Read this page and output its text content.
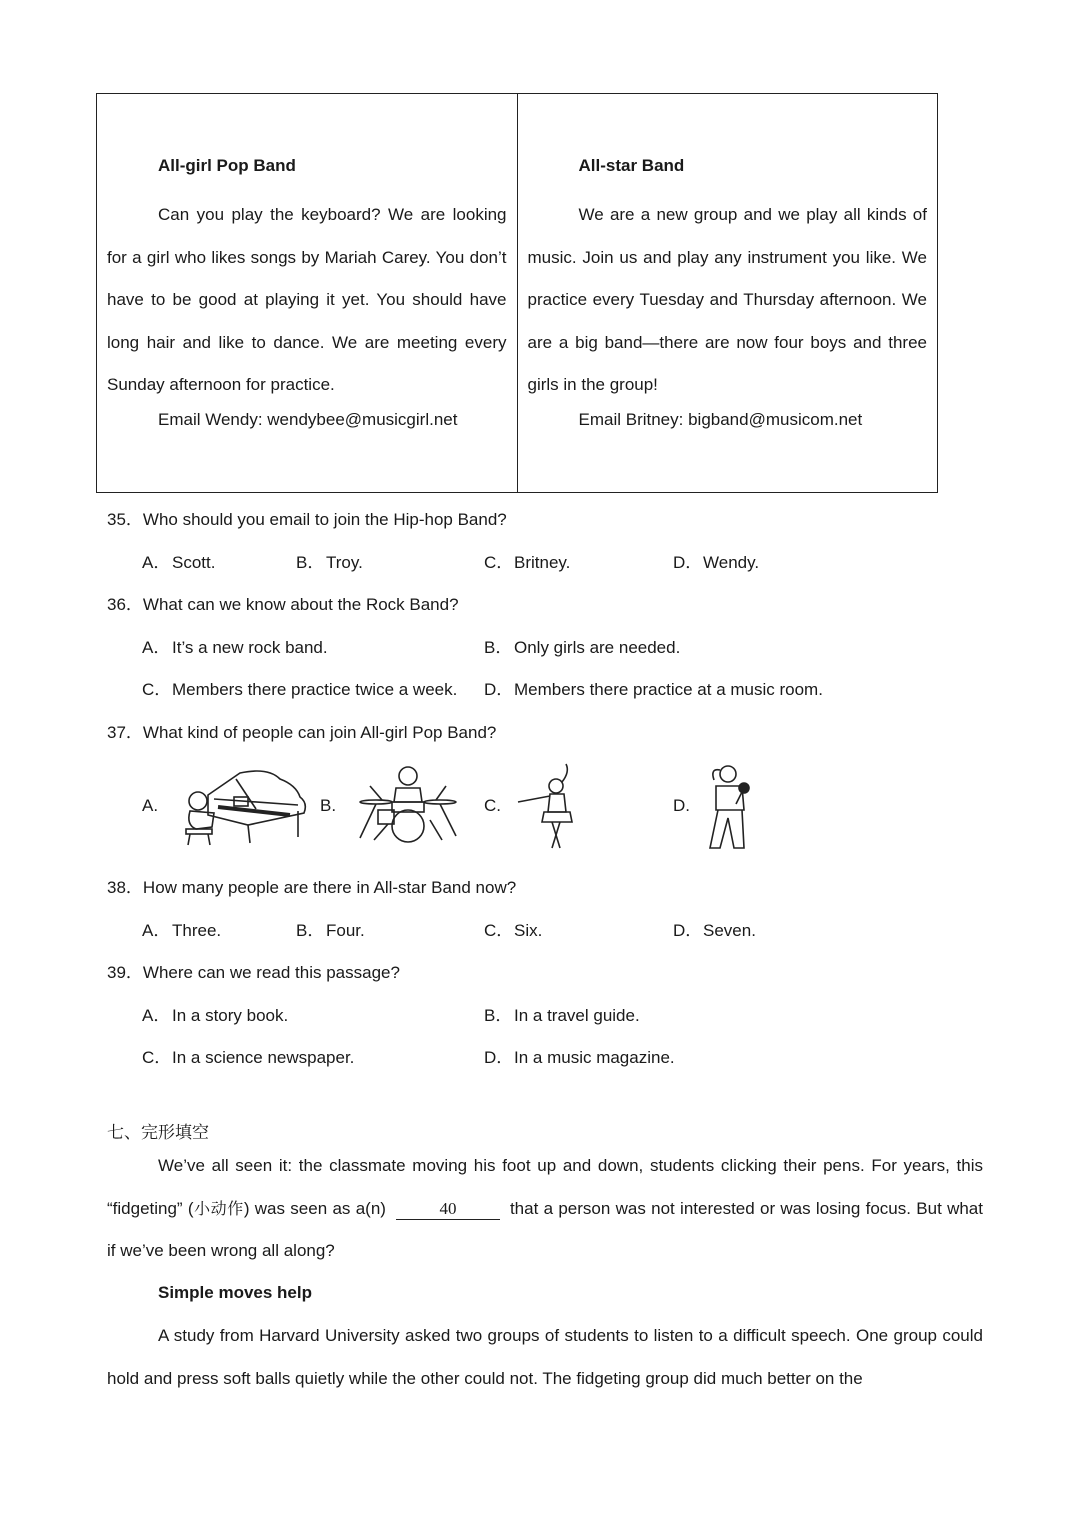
All-girl Pop Band
Can you play the keyboard? We are looking for a girl who likes songs by Mariah Carey. You don’t have to be good at playing it yet. You should have long hair and like to dance. We are meeting every Sunday afternoon for practice.
Email Wendy: wendybee@musicgirl.net
All-star Band
We are a new group and we play all kinds of music. Join us and play any instrument you like. We practice every Tuesday and Thursday afternoon. We are a big band—there are now four boys and three girls in the group!
Email Britney: bigband@musicom.net
35．Who should you email to join the Hip-hop Band?
A．Scott.	B．Troy.	C．Britney.	D．Wendy.
36．What can we know about the Rock Band?
A．It’s a new rock band.	B．Only girls are needed.
C．Members there practice twice a week. D．Members there practice at a music room.
37．What kind of people can join All-girl Pop Band?
A.	B.	C.	D.
38．How many people are there in All-star Band now?
A．Three.	B．Four.	C．Six.	D．Seven.
39．Where can we read this passage?
A．In a story book.	B．In a travel guide.
C．In a science newspaper.	D．In a music magazine.
七、完形填空
We’ve all seen it: the classmate moving his foot up and down, students clicking their pens. For years, this “fidgeting” (小动作) was seen as a(n)	40	that a person was not interested or was losing focus. But what if we’ve been wrong all along?
Simple moves help
A study from Harvard University asked two groups of students to listen to a difficult speech. One group could hold and press soft balls quietly while the other could not. The fidgeting group did much better on the
